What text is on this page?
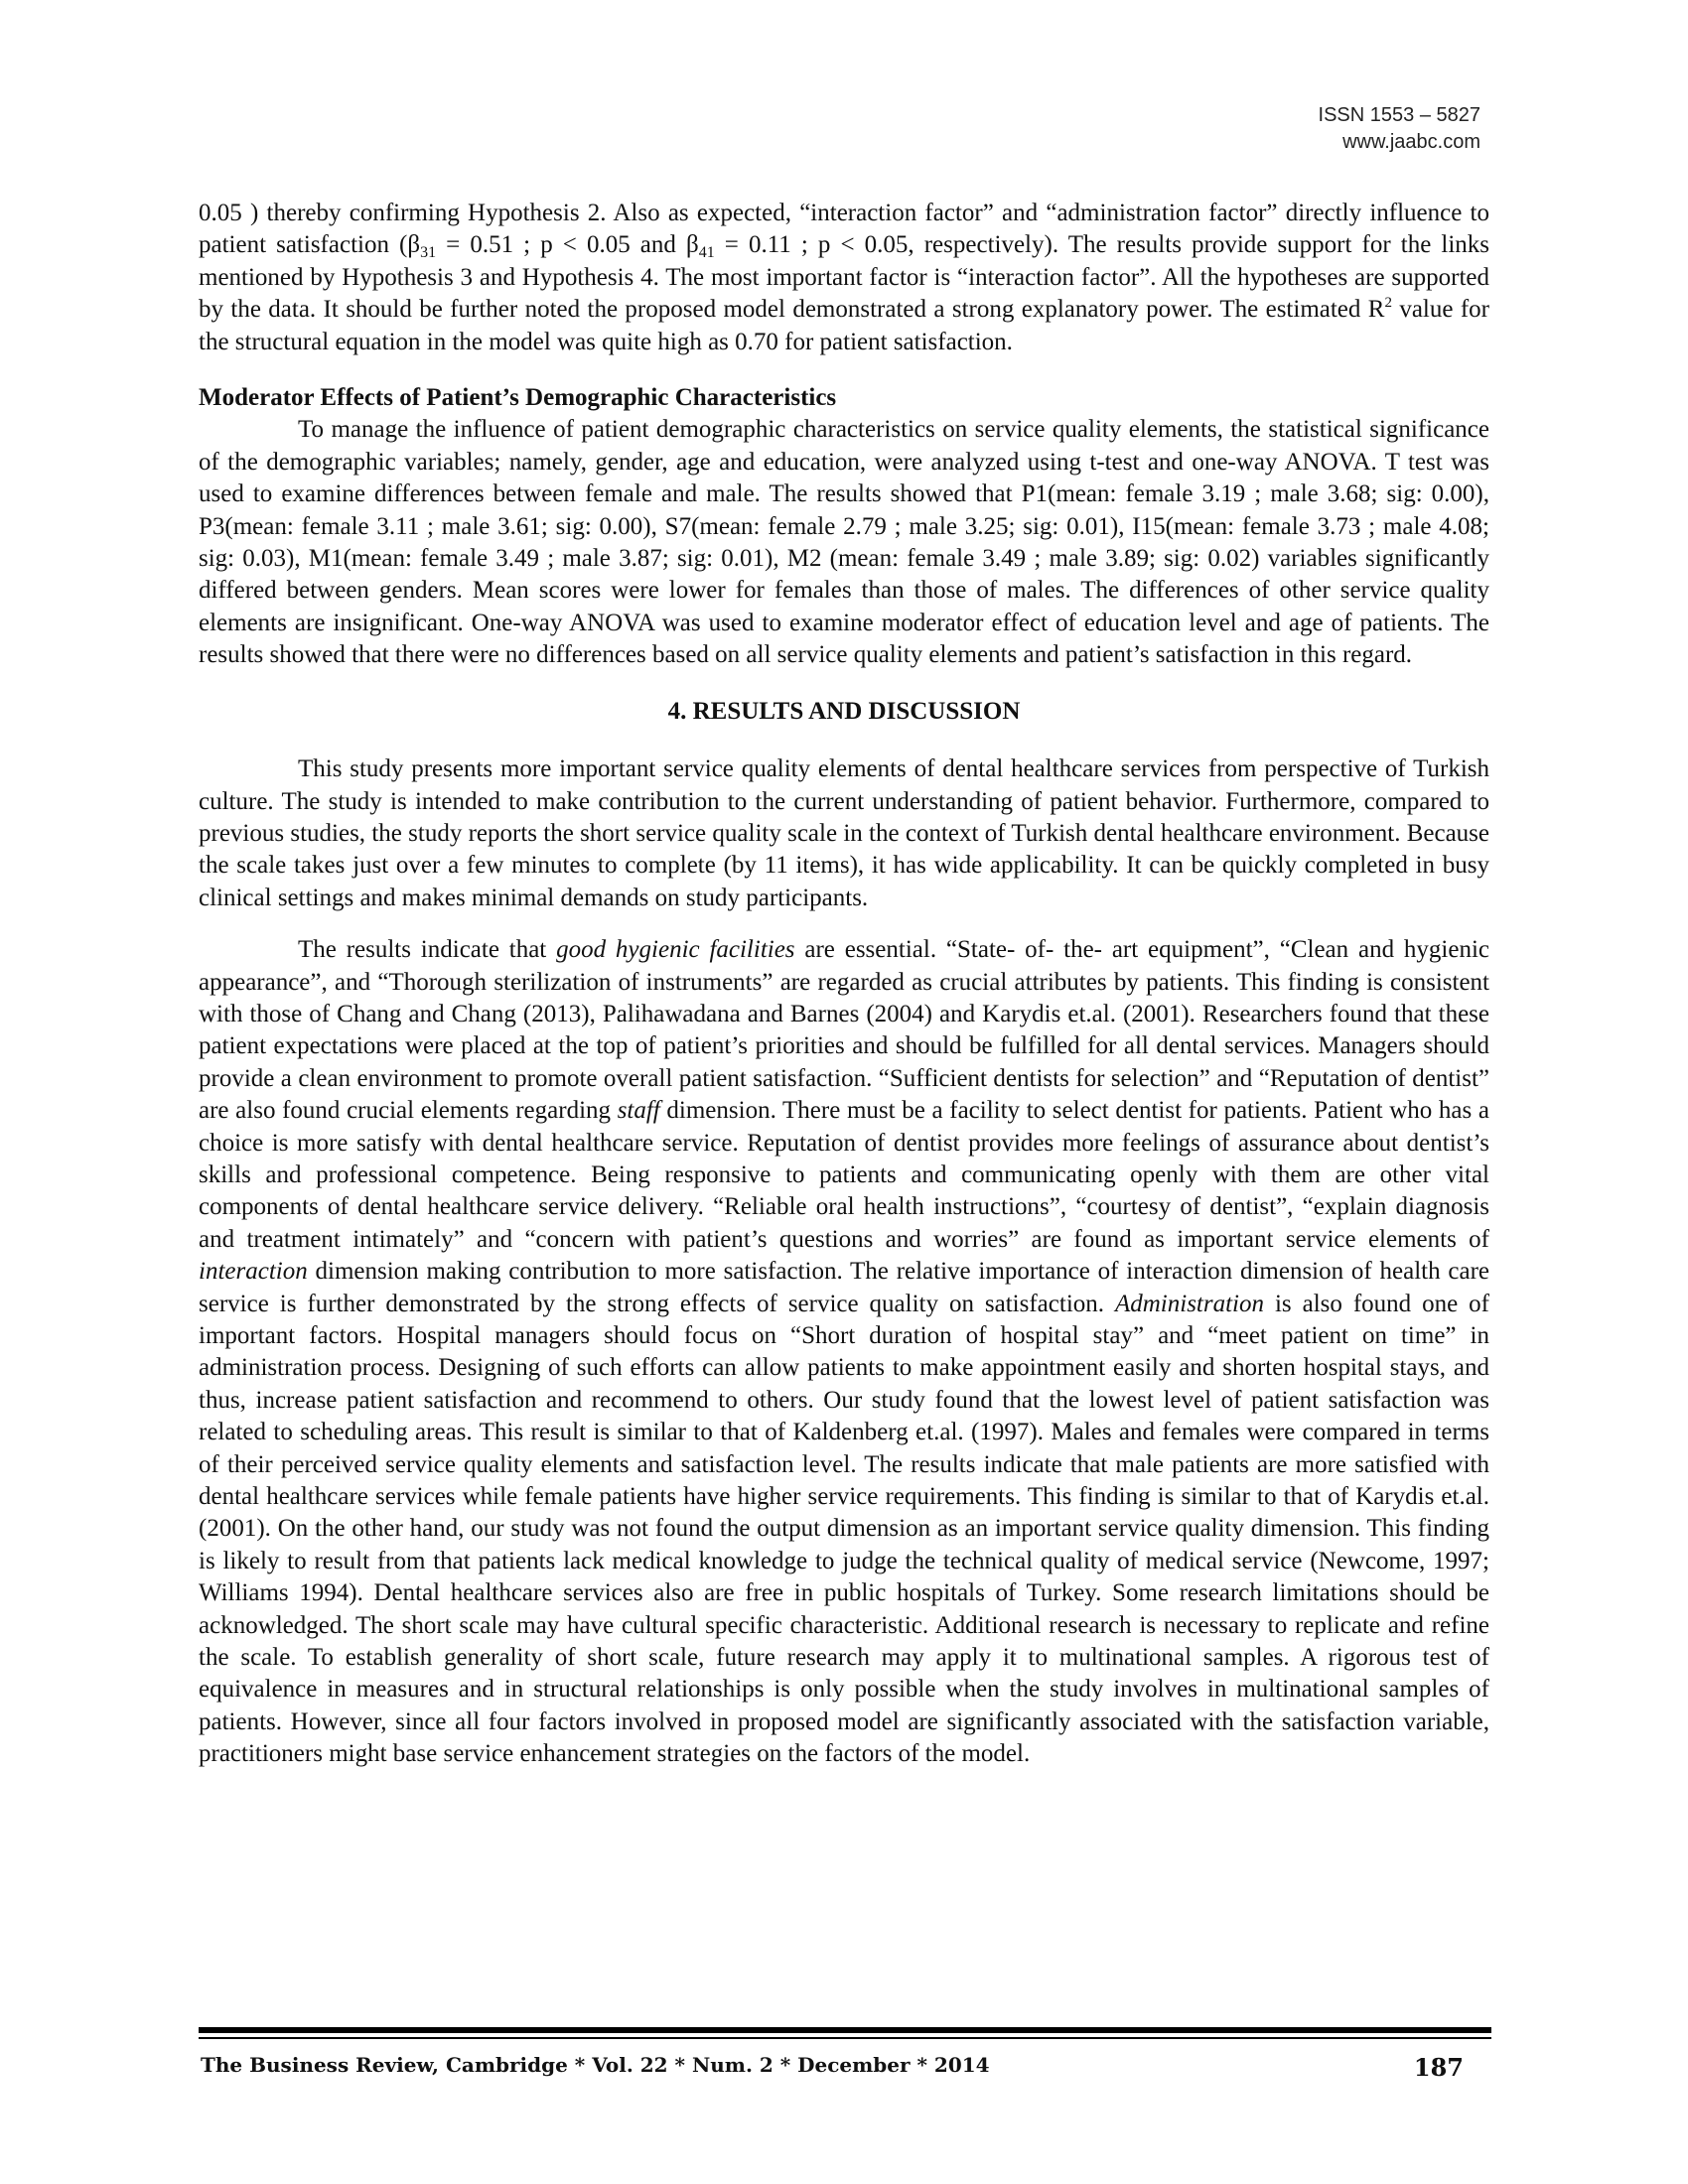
ISSN 1553 – 5827
www.jaabc.com

0.05 ) thereby confirming Hypothesis 2. Also as expected, “interaction factor” and “administration factor” directly influence to patient satisfaction ($\beta_{31} = 0.51$ ; p < 0.05 and $\beta_{41} = 0.11$ ; p < 0.05, respectively). The results provide support for the links mentioned by Hypothesis 3 and Hypothesis 4. The most important factor is “interaction factor”. All the hypotheses are supported by the data. It should be further noted the proposed model demonstrated a strong explanatory power. The estimated $R^2$ value for the structural equation in the model was quite high as 0.70 for patient satisfaction.

Moderator Effects of Patient’s Demographic Characteristics

To manage the influence of patient demographic characteristics on service quality elements, the statistical significance of the demographic variables; namely, gender, age and education, were analyzed using t-test and one-way ANOVA. T test was used to examine differences between female and male. The results showed that P1(mean: female 3.19 ; male 3.68; sig: 0.00), P3(mean: female 3.11 ; male 3.61; sig: 0.00), S7(mean: female 2.79 ; male 3.25; sig: 0.01), I15(mean: female 3.73 ; male 4.08; sig: 0.03), M1(mean: female 3.49 ; male 3.87; sig: 0.01), M2 (mean: female 3.49 ; male 3.89; sig: 0.02) variables significantly differed between genders. Mean scores were lower for females than those of males. The differences of other service quality elements are insignificant. One-way ANOVA was used to examine moderator effect of education level and age of patients. The results showed that there were no differences based on all service quality elements and patient’s satisfaction in this regard.

4. RESULTS AND DISCUSSION

This study presents more important service quality elements of dental healthcare services from perspective of Turkish culture. The study is intended to make contribution to the current understanding of patient behavior. Furthermore, compared to previous studies, the study reports the short service quality scale in the context of Turkish dental healthcare environment. Because the scale takes just over a few minutes to complete (by 11 items), it has wide applicability. It can be quickly completed in busy clinical settings and makes minimal demands on study participants.

The results indicate that good hygienic facilities are essential. “State- of- the- art equipment”, “Clean and hygienic appearance”, and “Thorough sterilization of instruments” are regarded as crucial attributes by patients. This finding is consistent with those of Chang and Chang (2013), Palihawadana and Barnes (2004) and Karydis et.al. (2001). Researchers found that these patient expectations were placed at the top of patient’s priorities and should be fulfilled for all dental services. Managers should provide a clean environment to promote overall patient satisfaction. “Sufficient dentists for selection” and “Reputation of dentist” are also found crucial elements regarding staff dimension. There must be a facility to select dentist for patients. Patient who has a choice is more satisfy with dental healthcare service. Reputation of dentist provides more feelings of assurance about dentist’s skills and professional competence. Being responsive to patients and communicating openly with them are other vital components of dental healthcare service delivery. “Reliable oral health instructions”, “courtesy of dentist”, “explain diagnosis and treatment intimately” and “concern with patient’s questions and worries” are found as important service elements of interaction dimension making contribution to more satisfaction. The relative importance of interaction dimension of health care service is further demonstrated by the strong effects of service quality on satisfaction. Administration is also found one of important factors. Hospital managers should focus on “Short duration of hospital stay” and “meet patient on time” in administration process. Designing of such efforts can allow patients to make appointment easily and shorten hospital stays, and thus, increase patient satisfaction and recommend to others. Our study found that the lowest level of patient satisfaction was related to scheduling areas. This result is similar to that of Kaldenberg et.al. (1997). Males and females were compared in terms of their perceived service quality elements and satisfaction level. The results indicate that male patients are more satisfied with dental healthcare services while female patients have higher service requirements. This finding is similar to that of Karydis et.al. (2001). On the other hand, our study was not found the output dimension as an important service quality dimension. This finding is likely to result from that patients lack medical knowledge to judge the technical quality of medical service (Newcome, 1997; Williams 1994). Dental healthcare services also are free in public hospitals of Turkey. Some research limitations should be acknowledged. The short scale may have cultural specific characteristic. Additional research is necessary to replicate and refine the scale. To establish generality of short scale, future research may apply it to multinational samples. A rigorous test of equivalence in measures and in structural relationships is only possible when the study involves in multinational samples of patients. However, since all four factors involved in proposed model are significantly associated with the satisfaction variable, practitioners might base service enhancement strategies on the factors of the model.

The Business Review, Cambridge * Vol. 22 * Num. 2 * December * 2014	187
